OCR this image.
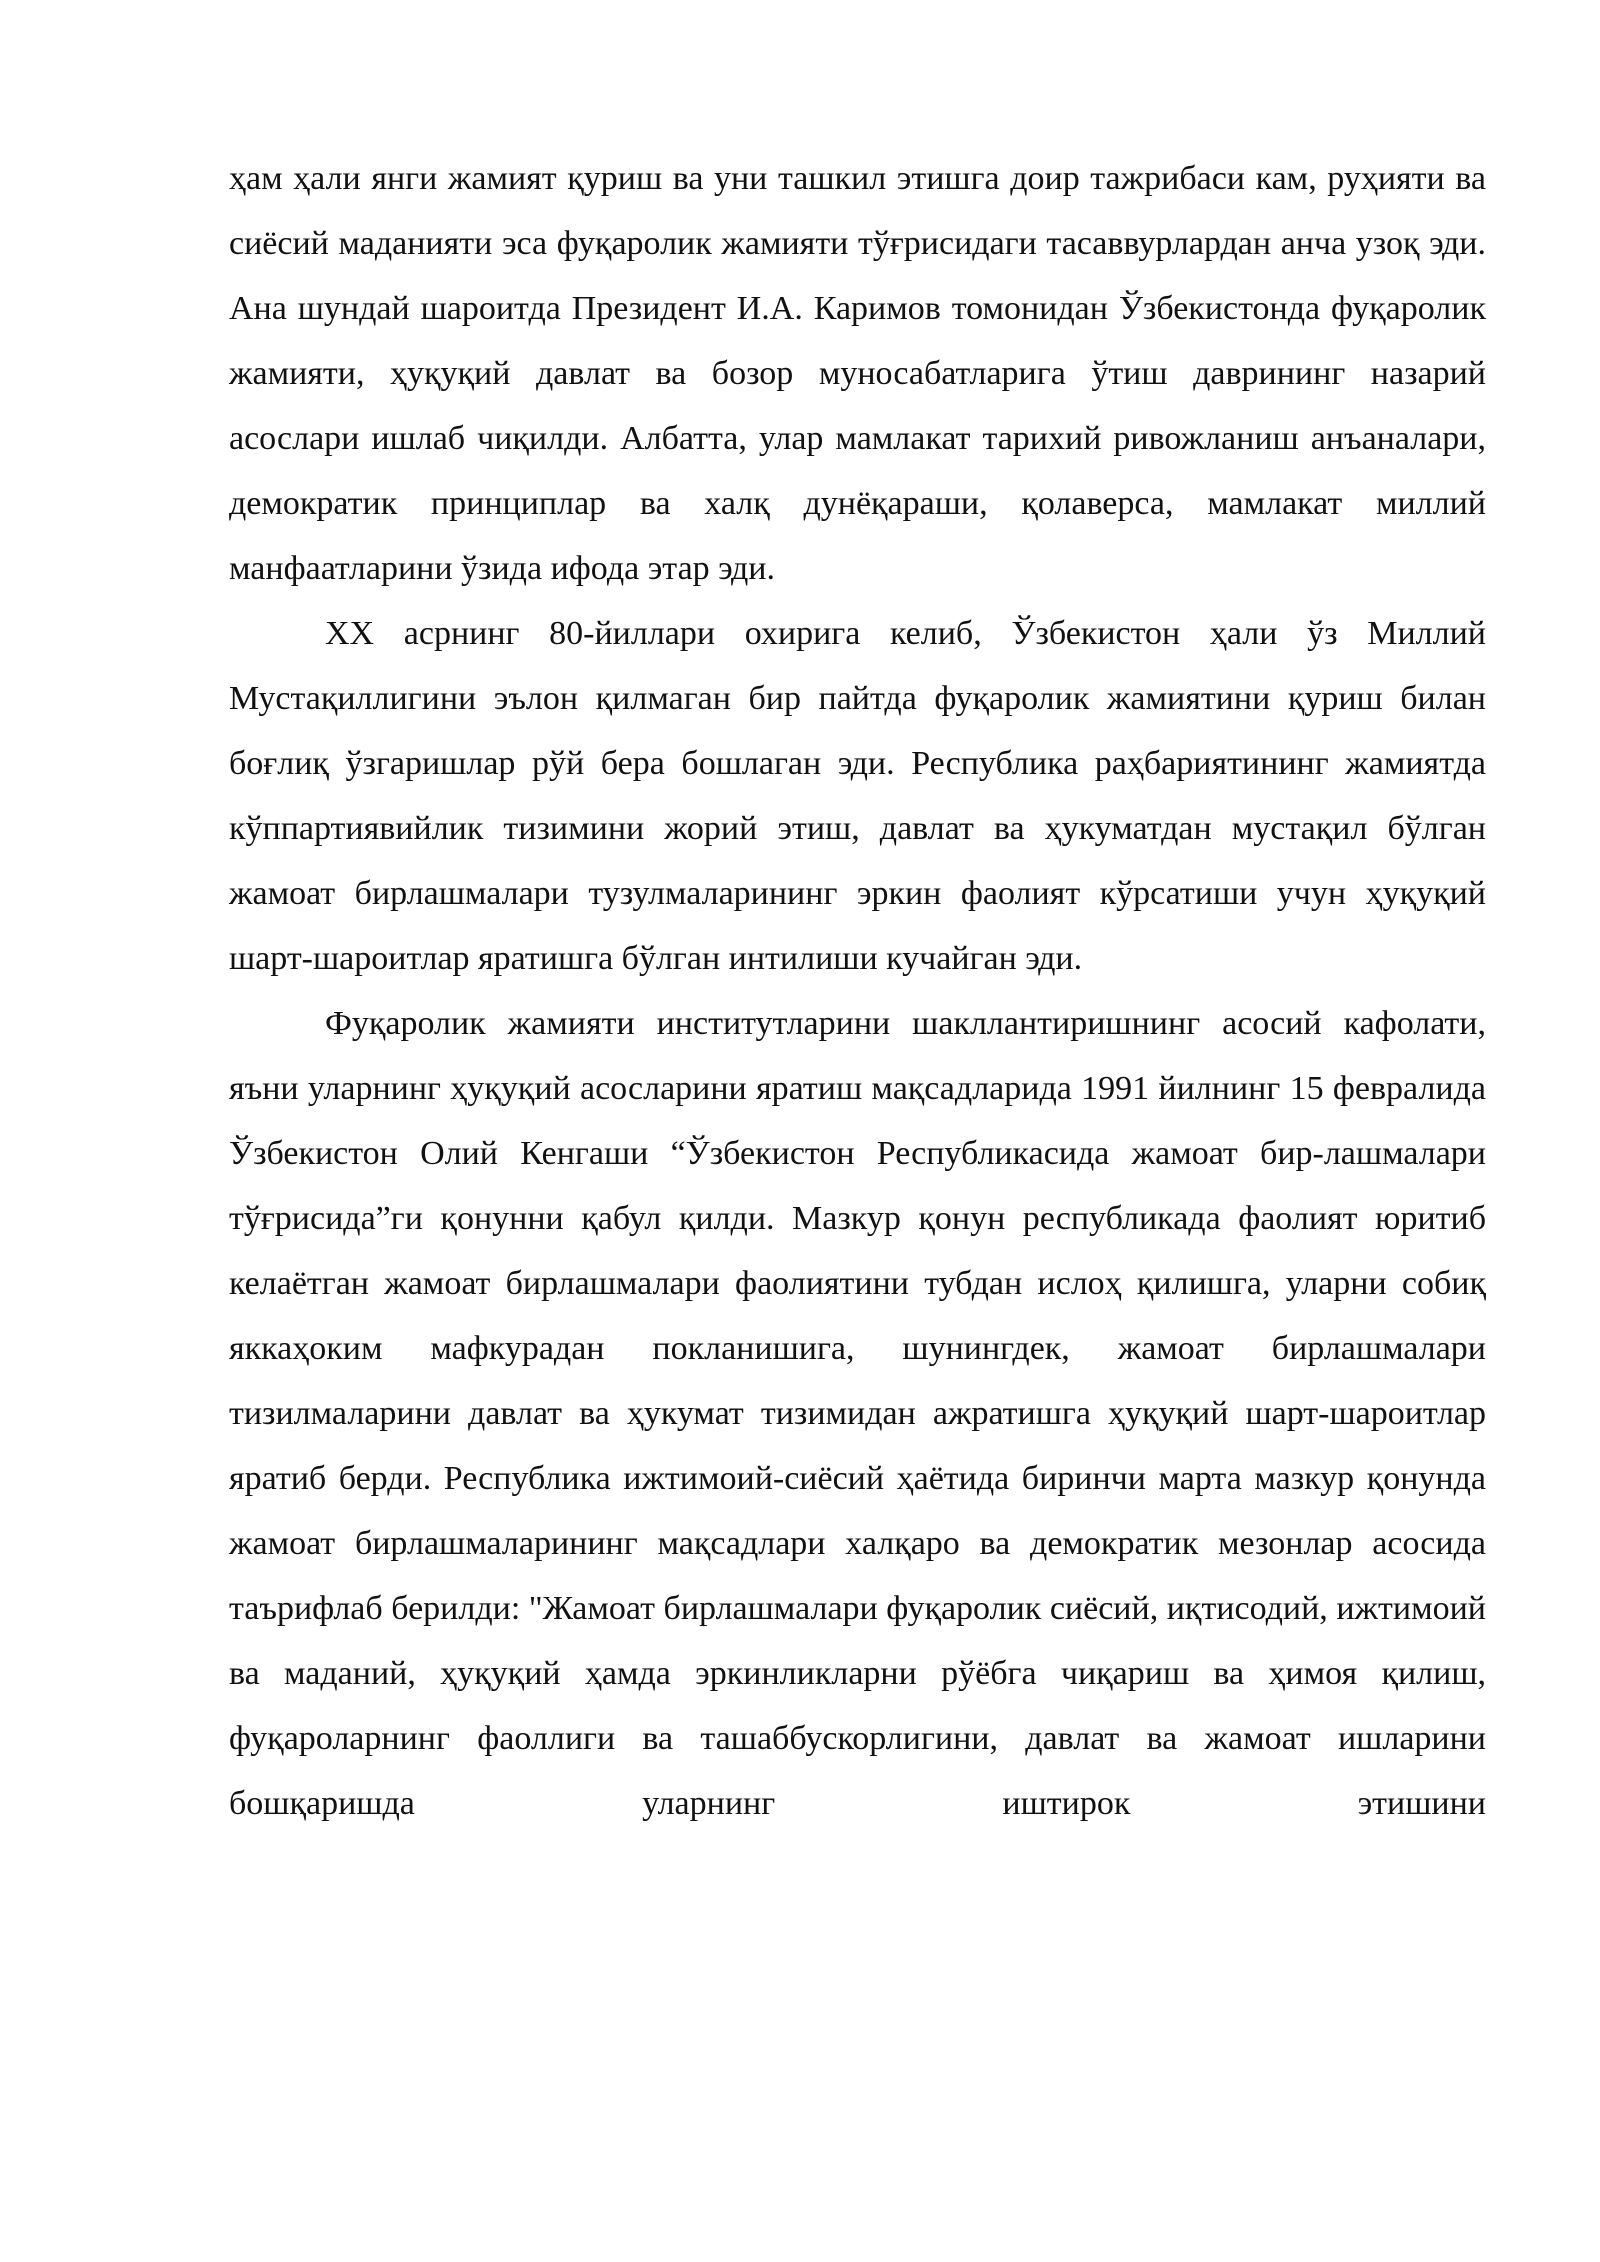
ҳам ҳали янги жамият қуриш ва уни ташкил этишга доир тажрибаси кам, руҳияти ва сиёсий маданияти эса фуқаролик жамияти тўғрисидаги тасаввурлардан анча узоқ эди. Ана шундай шароитда Президент И.А. Каримов томонидан Ўзбекистонда фуқаролик жамияти, ҳуқуқий давлат ва бозор муносабатларига ўтиш даврининг назарий асослари ишлаб чиқилди. Албатта, улар мамлакат тарихий ривожланиш анъаналари, демократик принциплар ва халқ дунёқараши, қолаверса, мамлакат миллий манфаатларини ўзида ифода этар эди.

XX асрнинг 80-йиллари охирига келиб, Ўзбекистон ҳали ўз Миллий Мустақиллигини эълон қилмаган бир пайтда фуқаролик жамиятини қуриш билан боғлиқ ўзгаришлар рўй бера бошлаган эди. Республика раҳбариятининг жамиятда кўппартиявийлик тизимини жорий этиш, давлат ва ҳукуматдан мустақил бўлган жамоат бирлашмалари тузулмаларининг эркин фаолият кўрсатиши учун ҳуқуқий шарт-шароитлар яратишга бўлган интилиши кучайган эди.

Фуқаролик жамияти институтларини шакллантиришнинг асосий кафолати, яъни уларнинг ҳуқуқий асосларини яратиш мақсадларида 1991 йилнинг 15 февралида Ўзбекистон Олий Кенгаши “Ўзбекистон Республикасида жамоат бир-лашмалари тўғрисида”ги қонунни қабул қилди. Мазкур қонун республикада фаолият юритиб келаётган жамоат бирлашмалари фаолиятини тубдан ислоҳ қилишга, уларни собиқ яккаҳоким мафкурадан покланишига, шунингдек, жамоат бирлашмалари тизилмаларини давлат ва ҳукумат тизимидан ажратишга ҳуқуқий шарт-шароитлар яратиб берди. Республика ижтимоий-сиёсий ҳаётида биринчи марта мазкур қонунда жамоат бирлашмаларининг мақсадлари халқаро ва демократик мезонлар асосида таърифлаб берилди: "Жамоат бирлашмалари фуқаролик сиёсий, иқтисодий, ижтимоий ва маданий, ҳуқуқий ҳамда эркинликларни рўёбга чиқариш ва ҳимоя қилиш, фуқароларнинг фаоллиги ва ташаббускорлигини, давлат ва жамоат ишларини бошқаришда уларнинг иштирок этишини
